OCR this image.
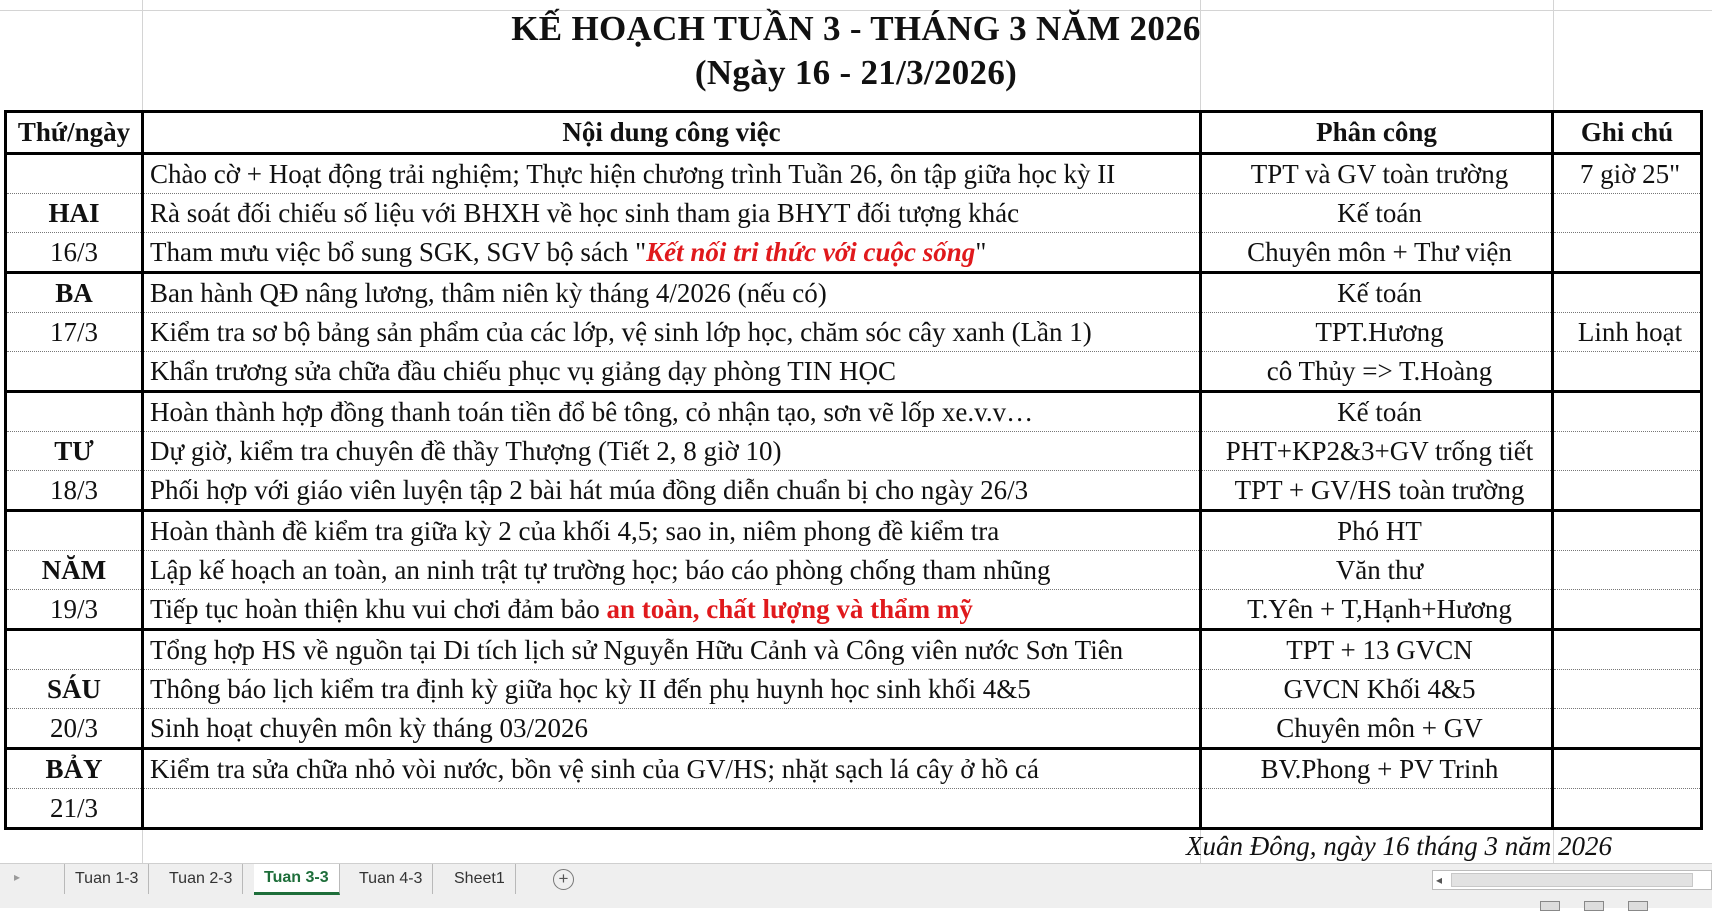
KẾ HOẠCH TUẦN 3 - THÁNG 3 NĂM 2026
(Ngày 16 - 21/3/2026)
Thứ/ngày	Nội dung công việc	Phân công	Ghi chú
	Chào cờ + Hoạt động trải nghiệm; Thực hiện chương trình Tuần 26, ôn tập giữa học kỳ II	TPT và GV toàn trường	7 giờ 25"
HAI	Rà soát đối chiếu số liệu với BHXH về học sinh tham gia BHYT đối tượng khác	Kế toán	
16/3	Tham mưu việc bổ sung SGK, SGV bộ sách "Kết nối tri thức với cuộc sống"	Chuyên môn + Thư viện	
BA	Ban hành QĐ nâng lương, thâm niên kỳ tháng 4/2026 (nếu có)	Kế toán	
17/3	Kiểm tra sơ bộ bảng sản phẩm của các lớp, vệ sinh lớp học, chăm sóc cây xanh (Lần 1)	TPT.Hương	Linh hoạt
	Khẩn trương sửa chữa đầu chiếu phục vụ giảng dạy phòng TIN HỌC	cô Thủy => T.Hoàng	
	Hoàn thành hợp đồng thanh toán tiền đổ bê tông, cỏ nhận tạo, sơn vẽ lốp xe.v.v…	Kế toán	
TƯ	Dự giờ, kiểm tra chuyên đề thầy Thượng (Tiết 2, 8 giờ 10)	PHT+KP2&3+GV trống tiết	
18/3	Phối hợp với giáo viên luyện tập 2 bài hát múa đồng diễn chuẩn bị cho ngày 26/3	TPT + GV/HS toàn trường	
	Hoàn thành đề kiểm tra giữa kỳ 2 của khối 4,5; sao in, niêm phong đề kiểm tra	Phó HT	
NĂM	Lập kế hoạch an toàn, an ninh trật tự trường học; báo cáo phòng chống tham nhũng	Văn thư	
19/3	Tiếp tục hoàn thiện khu vui chơi đảm bảo an toàn, chất lượng và thẩm mỹ	T.Yên + T,Hạnh+Hương	
	Tổng hợp HS về nguồn tại Di tích lịch sử Nguyễn Hữu Cảnh và Công viên nước Sơn Tiên	TPT + 13 GVCN	
SÁU	Thông báo lịch kiểm tra định kỳ giữa học kỳ II đến phụ huynh học sinh khối 4&5	GVCN Khối 4&5	
20/3	Sinh hoạt chuyên môn kỳ tháng 03/2026	Chuyên môn + GV	
BẢY	Kiểm tra sửa chữa nhỏ vòi nước, bồn vệ sinh của GV/HS; nhặt sạch lá cây ở hồ cá	BV.Phong + PV Trinh	
21/3			
Xuân Đông, ngày 16 tháng 3 năm 2026
▸	Tuan 1-3	Tuan 2-3	Tuan 3-3	Tuan 4-3	Sheet1	+	◂
